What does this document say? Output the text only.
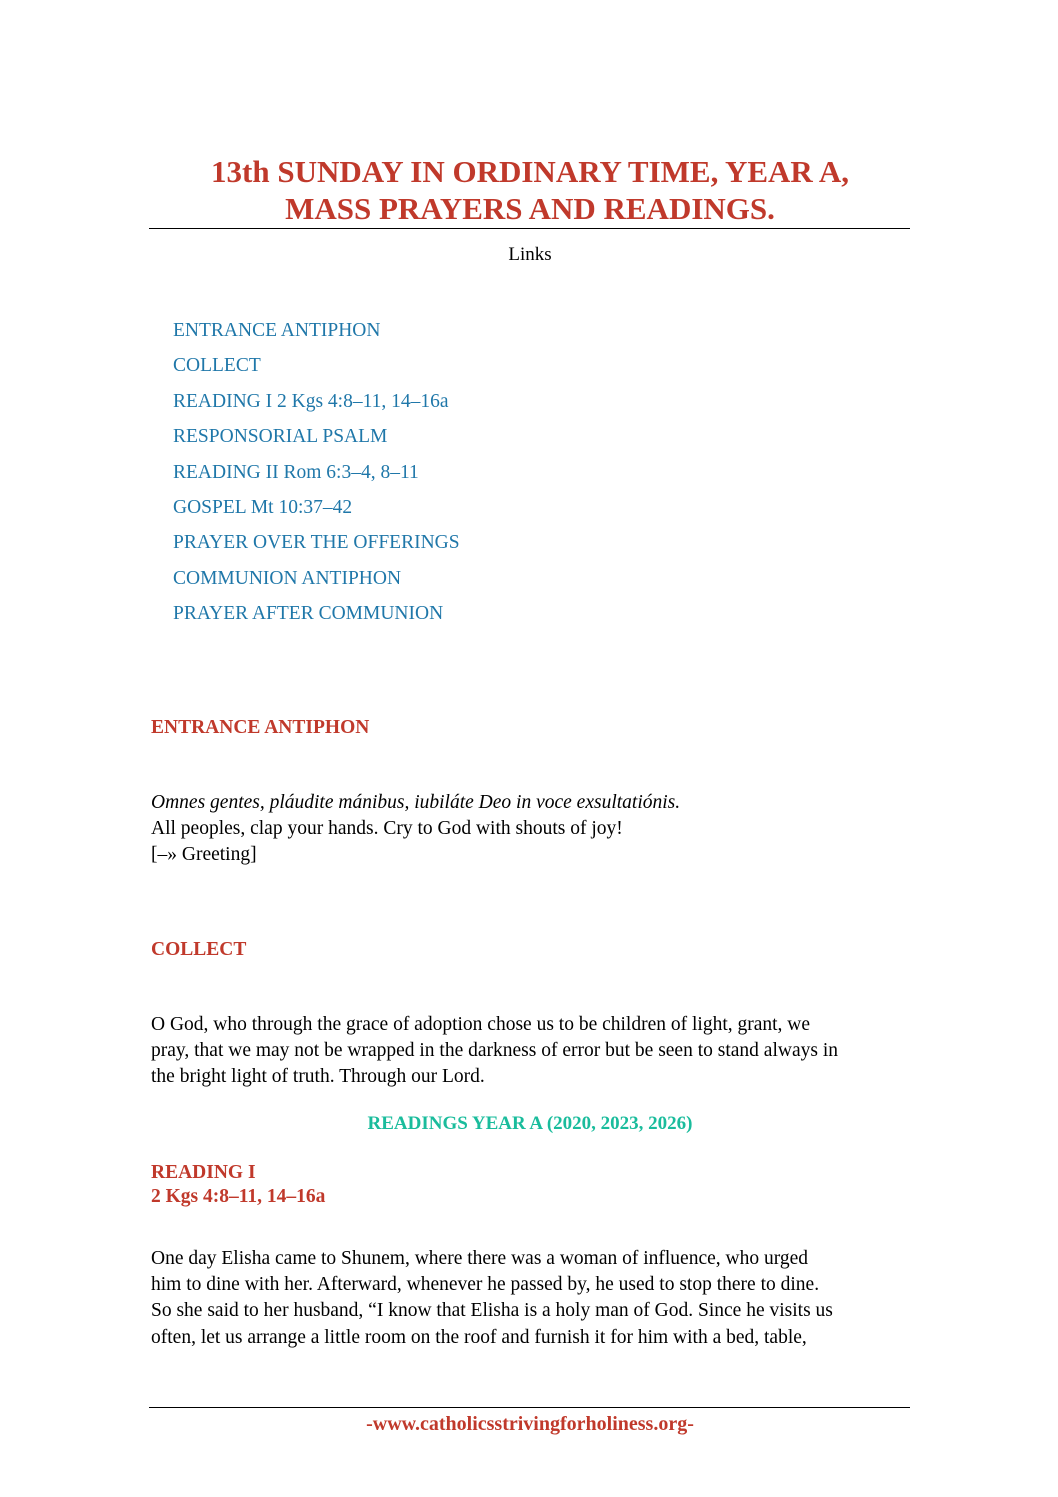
13th SUNDAY IN ORDINARY TIME, YEAR A,
MASS PRAYERS AND READINGS.
Links
ENTRANCE ANTIPHON
COLLECT
READING I 2 Kgs 4:8–11, 14–16a
RESPONSORIAL PSALM
READING II Rom 6:3–4, 8–11
GOSPEL Mt 10:37–42
PRAYER OVER THE OFFERINGS
COMMUNION ANTIPHON
PRAYER AFTER COMMUNION
ENTRANCE ANTIPHON
Omnes gentes, pláudite mánibus, iubiláte Deo in voce exsultatiónis.
All peoples, clap your hands. Cry to God with shouts of joy!
[–» Greeting]
COLLECT
O God, who through the grace of adoption chose us to be children of light, grant, we
pray, that we may not be wrapped in the darkness of error but be seen to stand always in
the bright light of truth. Through our Lord.
READINGS YEAR A (2020, 2023, 2026)
READING I
2 Kgs 4:8–11, 14–16a
One day Elisha came to Shunem, where there was a woman of influence, who urged
him to dine with her. Afterward, whenever he passed by, he used to stop there to dine.
So she said to her husband, “I know that Elisha is a holy man of God. Since he visits us
often, let us arrange a little room on the roof and furnish it for him with a bed, table,
-www.catholicsstrivingforholiness.org-
